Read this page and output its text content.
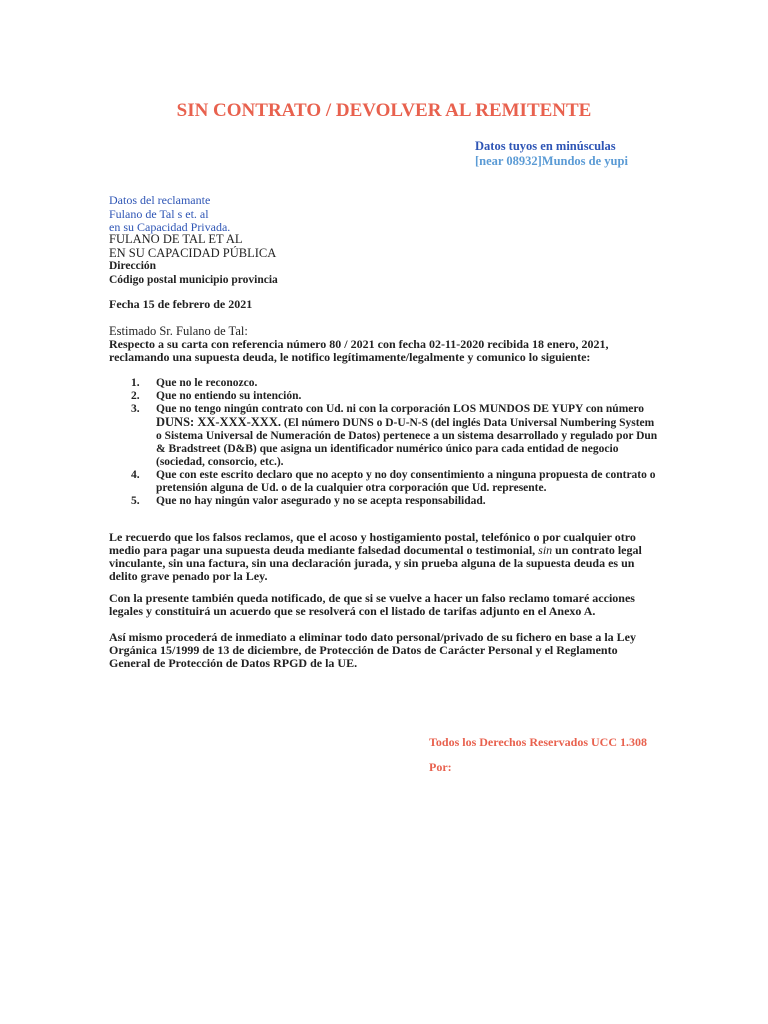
SIN CONTRATO / DEVOLVER AL REMITENTE
Datos tuyos en minúsculas
[near 08932]Mundos de yupi
Datos del reclamante
Fulano de Tal s et. al
en su Capacidad Privada.
FULANO DE TAL ET AL
EN SU CAPACIDAD PÚBLICA
Dirección
Código postal municipio provincia
Fecha 15 de febrero de 2021
Estimado Sr. Fulano de Tal:
Respecto a su carta con referencia número 80 / 2021 con fecha 02-11-2020 recibida 18 enero, 2021, reclamando una supuesta deuda, le notifico legítimamente/legalmente y comunico lo siguiente:
1. Que no le reconozco.
2. Que no entiendo su intención.
3. Que no tengo ningún contrato con Ud. ni con la corporación LOS MUNDOS DE YUPY con número DUNS: XX-XXX-XXX. (El número DUNS o D-U-N-S (del inglés Data Universal Numbering System o Sistema Universal de Numeración de Datos) pertenece a un sistema desarrollado y regulado por Dun & Bradstreet (D&B) que asigna un identificador numérico único para cada entidad de negocio (sociedad, consorcio, etc.).
4. Que con este escrito declaro que no acepto y no doy consentimiento a ninguna propuesta de contrato o pretensión alguna de Ud. o de la cualquier otra corporación que Ud. represente.
5. Que no hay ningún valor asegurado y no se acepta responsabilidad.
Le recuerdo que los falsos reclamos, que el acoso y hostigamiento postal, telefónico o por cualquier otro medio para pagar una supuesta deuda mediante falsedad documental o testimonial, sin un contrato legal vinculante, sin una factura, sin una declaración jurada, y sin prueba alguna de la supuesta deuda es un delito grave penado por la Ley.
Con la presente también queda notificado, de que si se vuelve a hacer un falso reclamo tomaré acciones legales y constituirá un acuerdo que se resolverá con el listado de tarifas adjunto en el Anexo A.
Así mismo procederá de inmediato a eliminar todo dato personal/privado de su fichero en base a la Ley Orgánica 15/1999 de 13 de diciembre, de Protección de Datos de Carácter Personal y el Reglamento General de Protección de Datos RPGD de la UE.
Todos los Derechos Reservados UCC 1.308
Por:
